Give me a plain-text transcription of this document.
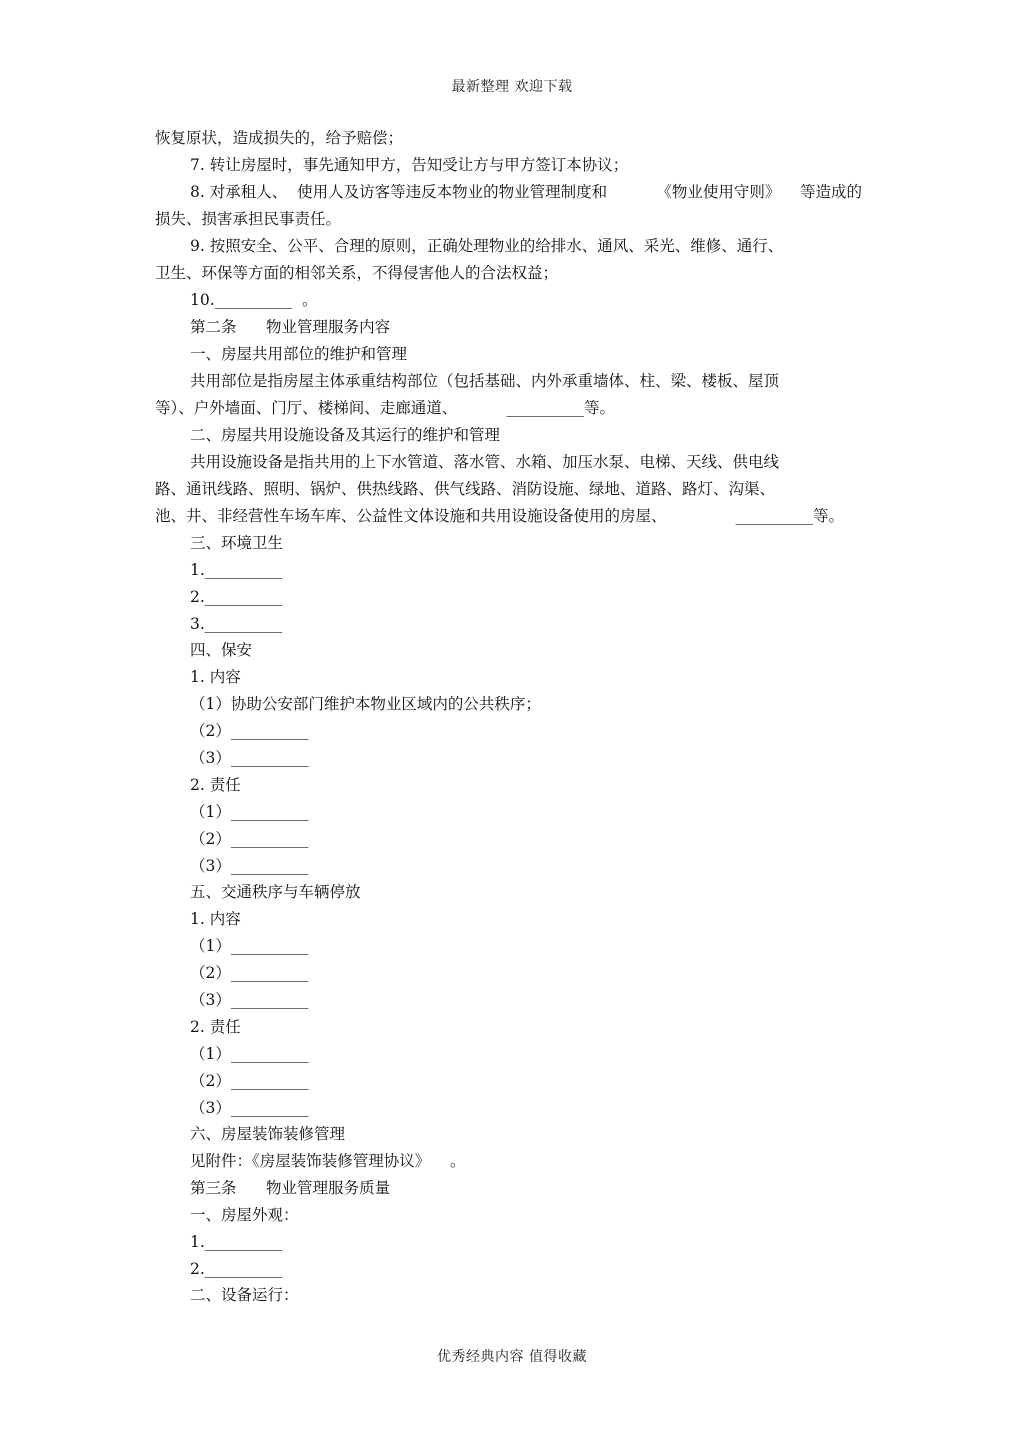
最新整理 欢迎下载
恢复原状，造成损失的，给予赔偿；
7. 转让房屋时，事先通知甲方，告知受让方与甲方签订本协议；
8. 对承租人、  使用人及访客等违反本物业的物业管理制度和          《物业使用守则》    等造成的
损失、损害承担民事责任。
9. 按照安全、公平、合理的原则，正确处理物业的给排水、通风、采光、维修、通行、
卫生、环保等方面的相邻关系，不得侵害他人的合法权益；
10.__________  。
第二条      物业管理服务内容
一、房屋共用部位的维护和管理
共用部位是指房屋主体承重结构部位（包括基础、内外承重墙体、柱、梁、楼板、屋顶
等）、户外墙面、门厅、楼梯间、走廊通道、          __________等。
二、房屋共用设施设备及其运行的维护和管理
共用设施设备是指共用的上下水管道、落水管、水箱、加压水泵、电梯、天线、供电线
路、通讯线路、照明、锅炉、供热线路、供气线路、消防设施、绿地、道路、路灯、沟渠、
池、井、非经营性车场车库、公益性文体设施和共用设施设备使用的房屋、              __________等。
三、环境卫生
1.__________
2.__________
3.__________
四、保安
1. 内容
（1）协助公安部门维护本物业区域内的公共秩序；
（2）__________
（3）__________
2. 责任
（1）__________
（2）__________
（3）__________
五、交通秩序与车辆停放
1. 内容
（1）__________
（2）__________
（3）__________
2. 责任
（1）__________
（2）__________
（3）__________
六、房屋装饰装修管理
见附件：《房屋装饰装修管理协议》    。
第三条      物业管理服务质量
一、房屋外观：
1.__________
2.__________
二、设备运行：
优秀经典内容 值得收藏
